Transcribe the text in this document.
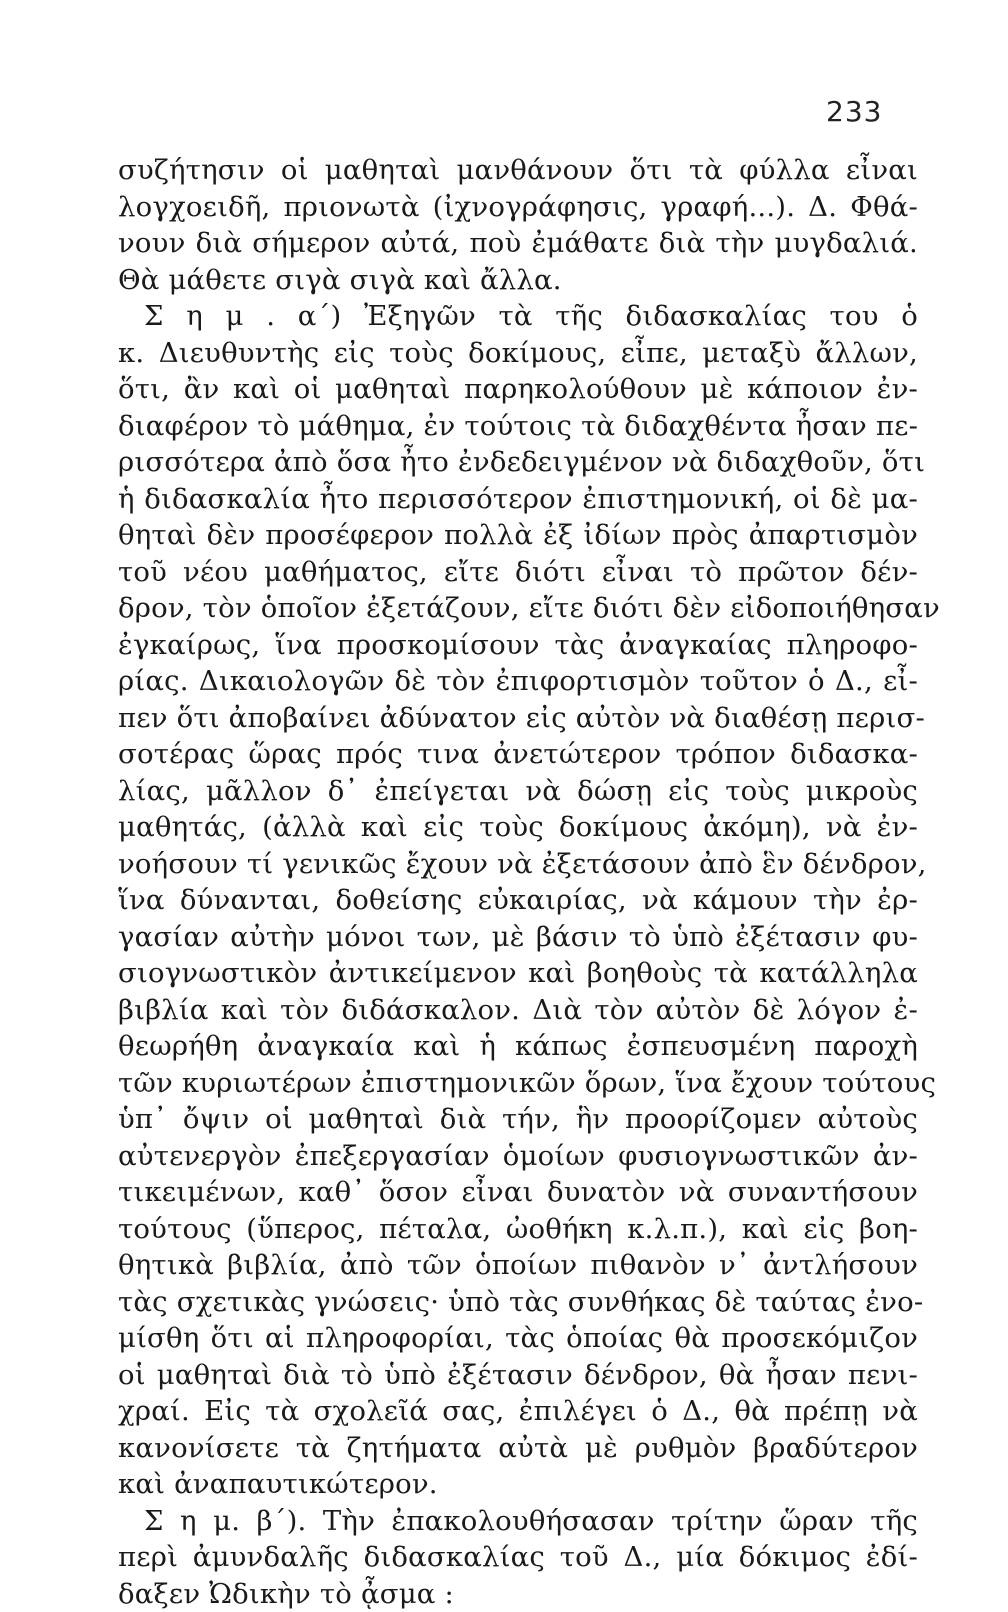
233
συζήτησιν οἱ μαθηταὶ μανθάνουν ὅτι τὰ φύλλα εἶναι
λογχοειδῆ, πριονωτὰ (ἰχνογράφησις, γραφή...). Δ. Φθά-
νουν διὰ σήμερον αὐτά, ποὺ ἐμάθατε διὰ τὴν μυγδαλιά.
Θὰ μάθετε σιγὰ σιγὰ καὶ ἄλλα.
Σ η μ . α΄) Ἐξηγῶν τὰ τῆς διδασκαλίας του ὁ
κ. Διευθυντὴς εἰς τοὺς δοκίμους, εἶπε, μεταξὺ ἄλλων,
ὅτι, ἂν καὶ οἱ μαθηταὶ παρηκολούθουν μὲ κάποιον ἐν-
διαφέρον τὸ μάθημα, ἐν τούτοις τὰ διδαχθέντα ἦσαν πε-
ρισσότερα ἀπὸ ὅσα ἦτο ἐνδεδειγμένον νὰ διδαχθοῦν, ὅτι
ἡ διδασκαλία ἦτο περισσότερον ἐπιστημονική, οἱ δὲ μα-
θηταὶ δὲν προσέφερον πολλὰ ἐξ ἰδίων πρὸς ἀπαρτισμὸν
τοῦ νέου μαθήματος, εἴτε διότι εἶναι τὸ πρῶτον δέν-
δρον, τὸν ὁποῖον ἐξετάζουν, εἴτε διότι δὲν εἰδοποιήθησαν
ἐγκαίρως, ἵνα προσκομίσουν τὰς ἀναγκαίας πληροφο-
ρίας. Δικαιολογῶν δὲ τὸν ἐπιφορτισμὸν τοῦτον ὁ Δ., εἶ-
πεν ὅτι ἀποβαίνει ἀδύνατον εἰς αὐτὸν νὰ διαθέσῃ περισ-
σοτέρας ὥρας πρός τινα ἀνετώτερον τρόπον διδασκα-
λίας, μᾶλλον δ᾽ ἐπείγεται νὰ δώσῃ εἰς τοὺς μικροὺς
μαθητάς, (ἀλλὰ καὶ εἰς τοὺς δοκίμους ἀκόμη), νὰ ἐν-
νοήσουν τί γενικῶς ἔχουν νὰ ἐξετάσουν ἀπὸ ἓν δένδρον,
ἵνα δύνανται, δοθείσης εὐκαιρίας, νὰ κάμουν τὴν ἐρ-
γασίαν αὐτὴν μόνοι των, μὲ βάσιν τὸ ὑπὸ ἐξέτασιν φυ-
σιογνωστικὸν ἀντικείμενον καὶ βοηθοὺς τὰ κατάλληλα
βιβλία καὶ τὸν διδάσκαλον. Διὰ τὸν αὐτὸν δὲ λόγον ἐ-
θεωρήθη ἀναγκαία καὶ ἡ κάπως ἐσπευσμένη παροχὴ
τῶν κυριωτέρων ἐπιστημονικῶν ὅρων, ἵνα ἔχουν τούτους
ὑπ᾽ ὄψιν οἱ μαθηταὶ διὰ τήν, ἣν προορίζομεν αὐτοὺς
αὐτενεργὸν ἐπεξεργασίαν ὁμοίων φυσιογνωστικῶν ἀν-
τικειμένων, καθ᾽ ὅσον εἶναι δυνατὸν νὰ συναντήσουν
τούτους (ὕπερος, πέταλα, ὠοθήκη κ.λ.π.), καὶ εἰς βοη-
θητικὰ βιβλία, ἀπὸ τῶν ὁποίων πιθανὸν ν᾽ ἀντλήσουν
τὰς σχετικὰς γνώσεις· ὑπὸ τὰς συνθήκας δὲ ταύτας ἐνο-
μίσθη ὅτι αἱ πληροφορίαι, τὰς ὁποίας θὰ προσεκόμιζον
οἱ μαθηταὶ διὰ τὸ ὑπὸ ἐξέτασιν δένδρον, θὰ ἦσαν πενι-
χραί. Εἰς τὰ σχολεῖά σας, ἐπιλέγει ὁ Δ., θὰ πρέπῃ νὰ
κανονίσετε τὰ ζητήματα αὐτὰ μὲ ρυθμὸν βραδύτερον
καὶ ἀναπαυτικώτερον.
Σ η μ. β΄). Τὴν ἐπακολουθήσασαν τρίτην ὥραν τῆς
περὶ ἀμυνδαλῆς διδασκαλίας τοῦ Δ., μία δόκιμος ἐδί-
δαξεν Ὠδικὴν τὸ ᾆσμα :
